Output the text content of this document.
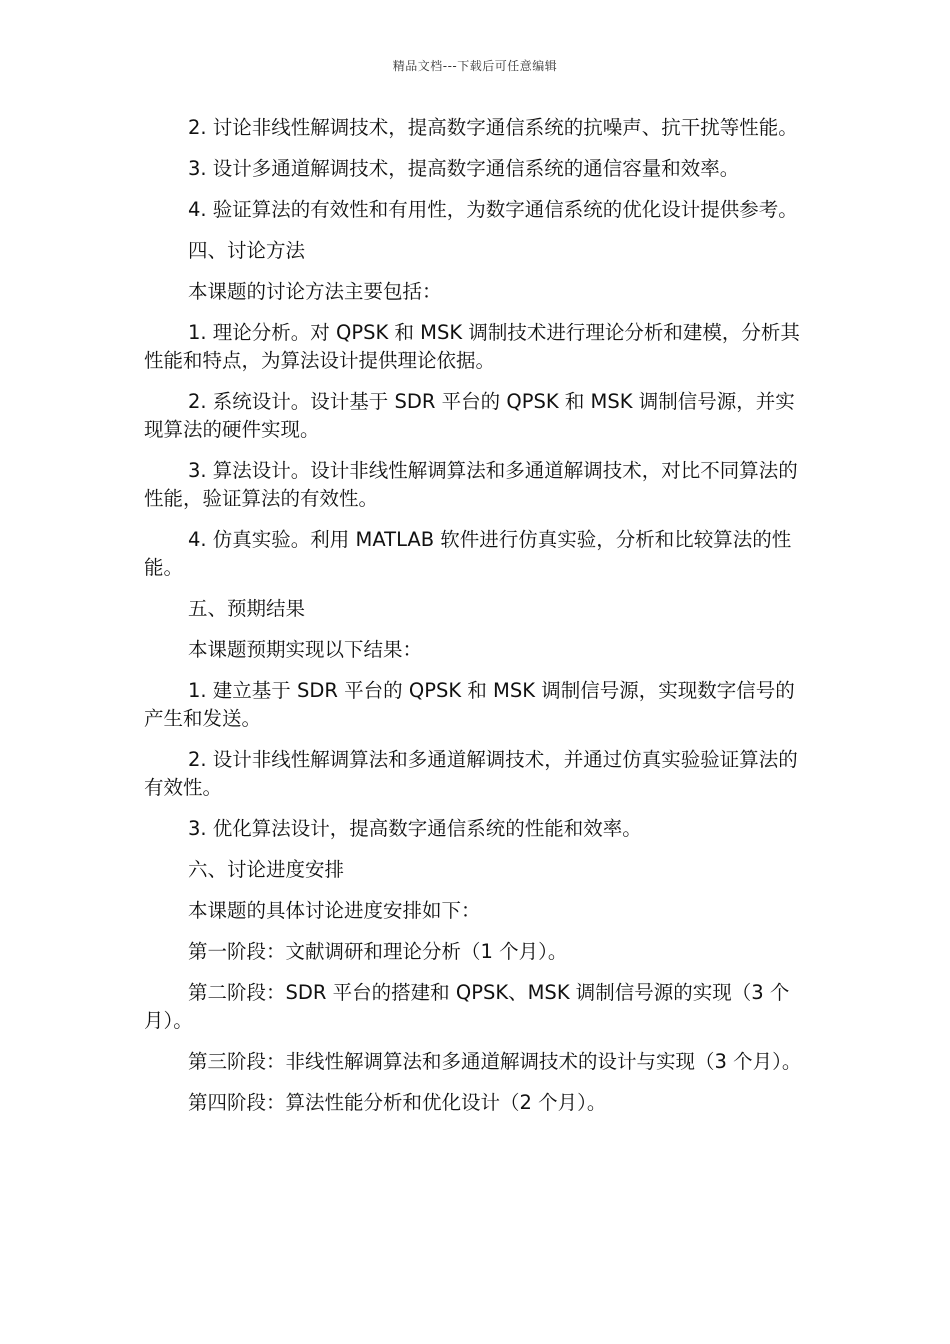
精品文档---下载后可任意编辑

2. 讨论非线性解调技术，提高数字通信系统的抗噪声、抗干扰等性能。

3. 设计多通道解调技术，提高数字通信系统的通信容量和效率。

4. 验证算法的有效性和有用性，为数字通信系统的优化设计提供参考。

四、讨论方法

本课题的讨论方法主要包括：

1. 理论分析。对 QPSK 和 MSK 调制技术进行理论分析和建模，分析其性能和特点，为算法设计提供理论依据。

2. 系统设计。设计基于 SDR 平台的 QPSK 和 MSK 调制信号源，并实现算法的硬件实现。

3. 算法设计。设计非线性解调算法和多通道解调技术，对比不同算法的性能，验证算法的有效性。

4. 仿真实验。利用 MATLAB 软件进行仿真实验，分析和比较算法的性能。

五、预期结果

本课题预期实现以下结果：

1. 建立基于 SDR 平台的 QPSK 和 MSK 调制信号源，实现数字信号的产生和发送。

2. 设计非线性解调算法和多通道解调技术，并通过仿真实验验证算法的有效性。

3. 优化算法设计，提高数字通信系统的性能和效率。

六、讨论进度安排

本课题的具体讨论进度安排如下：

第一阶段：文献调研和理论分析（1 个月）。

第二阶段：SDR 平台的搭建和 QPSK、MSK 调制信号源的实现（3 个月）。

第三阶段：非线性解调算法和多通道解调技术的设计与实现（3 个月）。

第四阶段：算法性能分析和优化设计（2 个月）。
